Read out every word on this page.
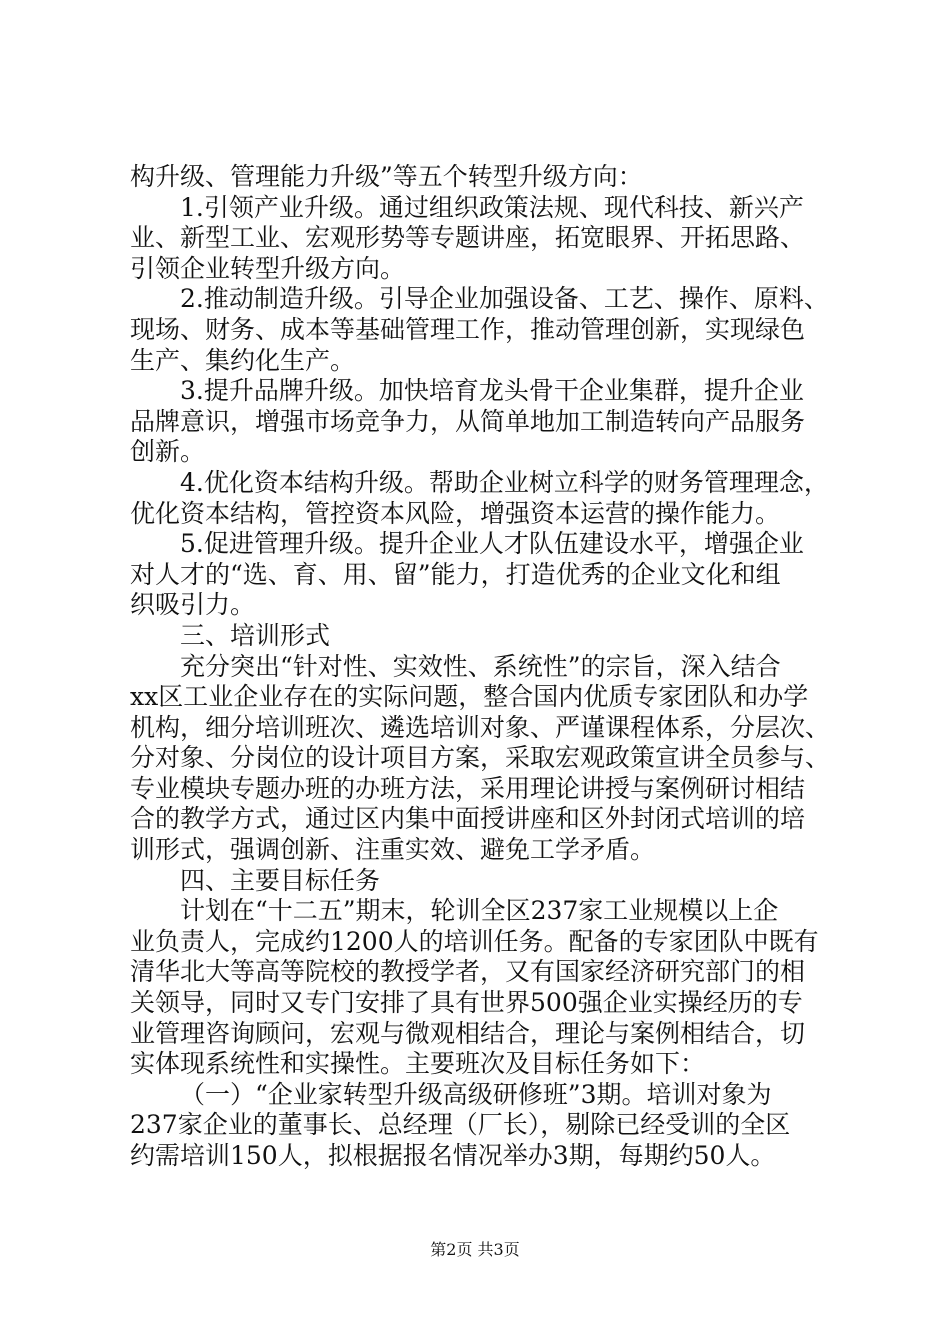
构升级、管理能力升级”等五个转型升级方向：
1.引领产业升级。通过组织政策法规、现代科技、新兴产
业、新型工业、宏观形势等专题讲座，拓宽眼界、开拓思路、
引领企业转型升级方向。
2.推动制造升级。引导企业加强设备、工艺、操作、原料、
现场、财务、成本等基础管理工作，推动管理创新，实现绿色
生产、集约化生产。
3.提升品牌升级。加快培育龙头骨干企业集群，提升企业
品牌意识，增强市场竞争力，从简单地加工制造转向产品服务
创新。
4.优化资本结构升级。帮助企业树立科学的财务管理理念，
优化资本结构，管控资本风险，增强资本运营的操作能力。
5.促进管理升级。提升企业人才队伍建设水平，增强企业
对人才的“选、育、用、留”能力，打造优秀的企业文化和组
织吸引力。
三、培训形式
充分突出“针对性、实效性、系统性”的宗旨，深入结合
xx区工业企业存在的实际问题，整合国内优质专家团队和办学
机构，细分培训班次、遴选培训对象、严谨课程体系，分层次、
分对象、分岗位的设计项目方案，采取宏观政策宣讲全员参与、
专业模块专题办班的办班方法，采用理论讲授与案例研讨相结
合的教学方式，通过区内集中面授讲座和区外封闭式培训的培
训形式，强调创新、注重实效、避免工学矛盾。
四、主要目标任务
计划在“十二五”期末，轮训全区237家工业规模以上企
业负责人，完成约1200人的培训任务。配备的专家团队中既有
清华北大等高等院校的教授学者，又有国家经济研究部门的相
关领导，同时又专门安排了具有世界500强企业实操经历的专
业管理咨询顾问，宏观与微观相结合，理论与案例相结合，切
实体现系统性和实操性。主要班次及目标任务如下：
（一）“企业家转型升级高级研修班”3期。培训对象为
237家企业的董事长、总经理（厂长），剔除已经受训的全区
约需培训150人，拟根据报名情况举办3期，每期约50人。
第2页 共3页
